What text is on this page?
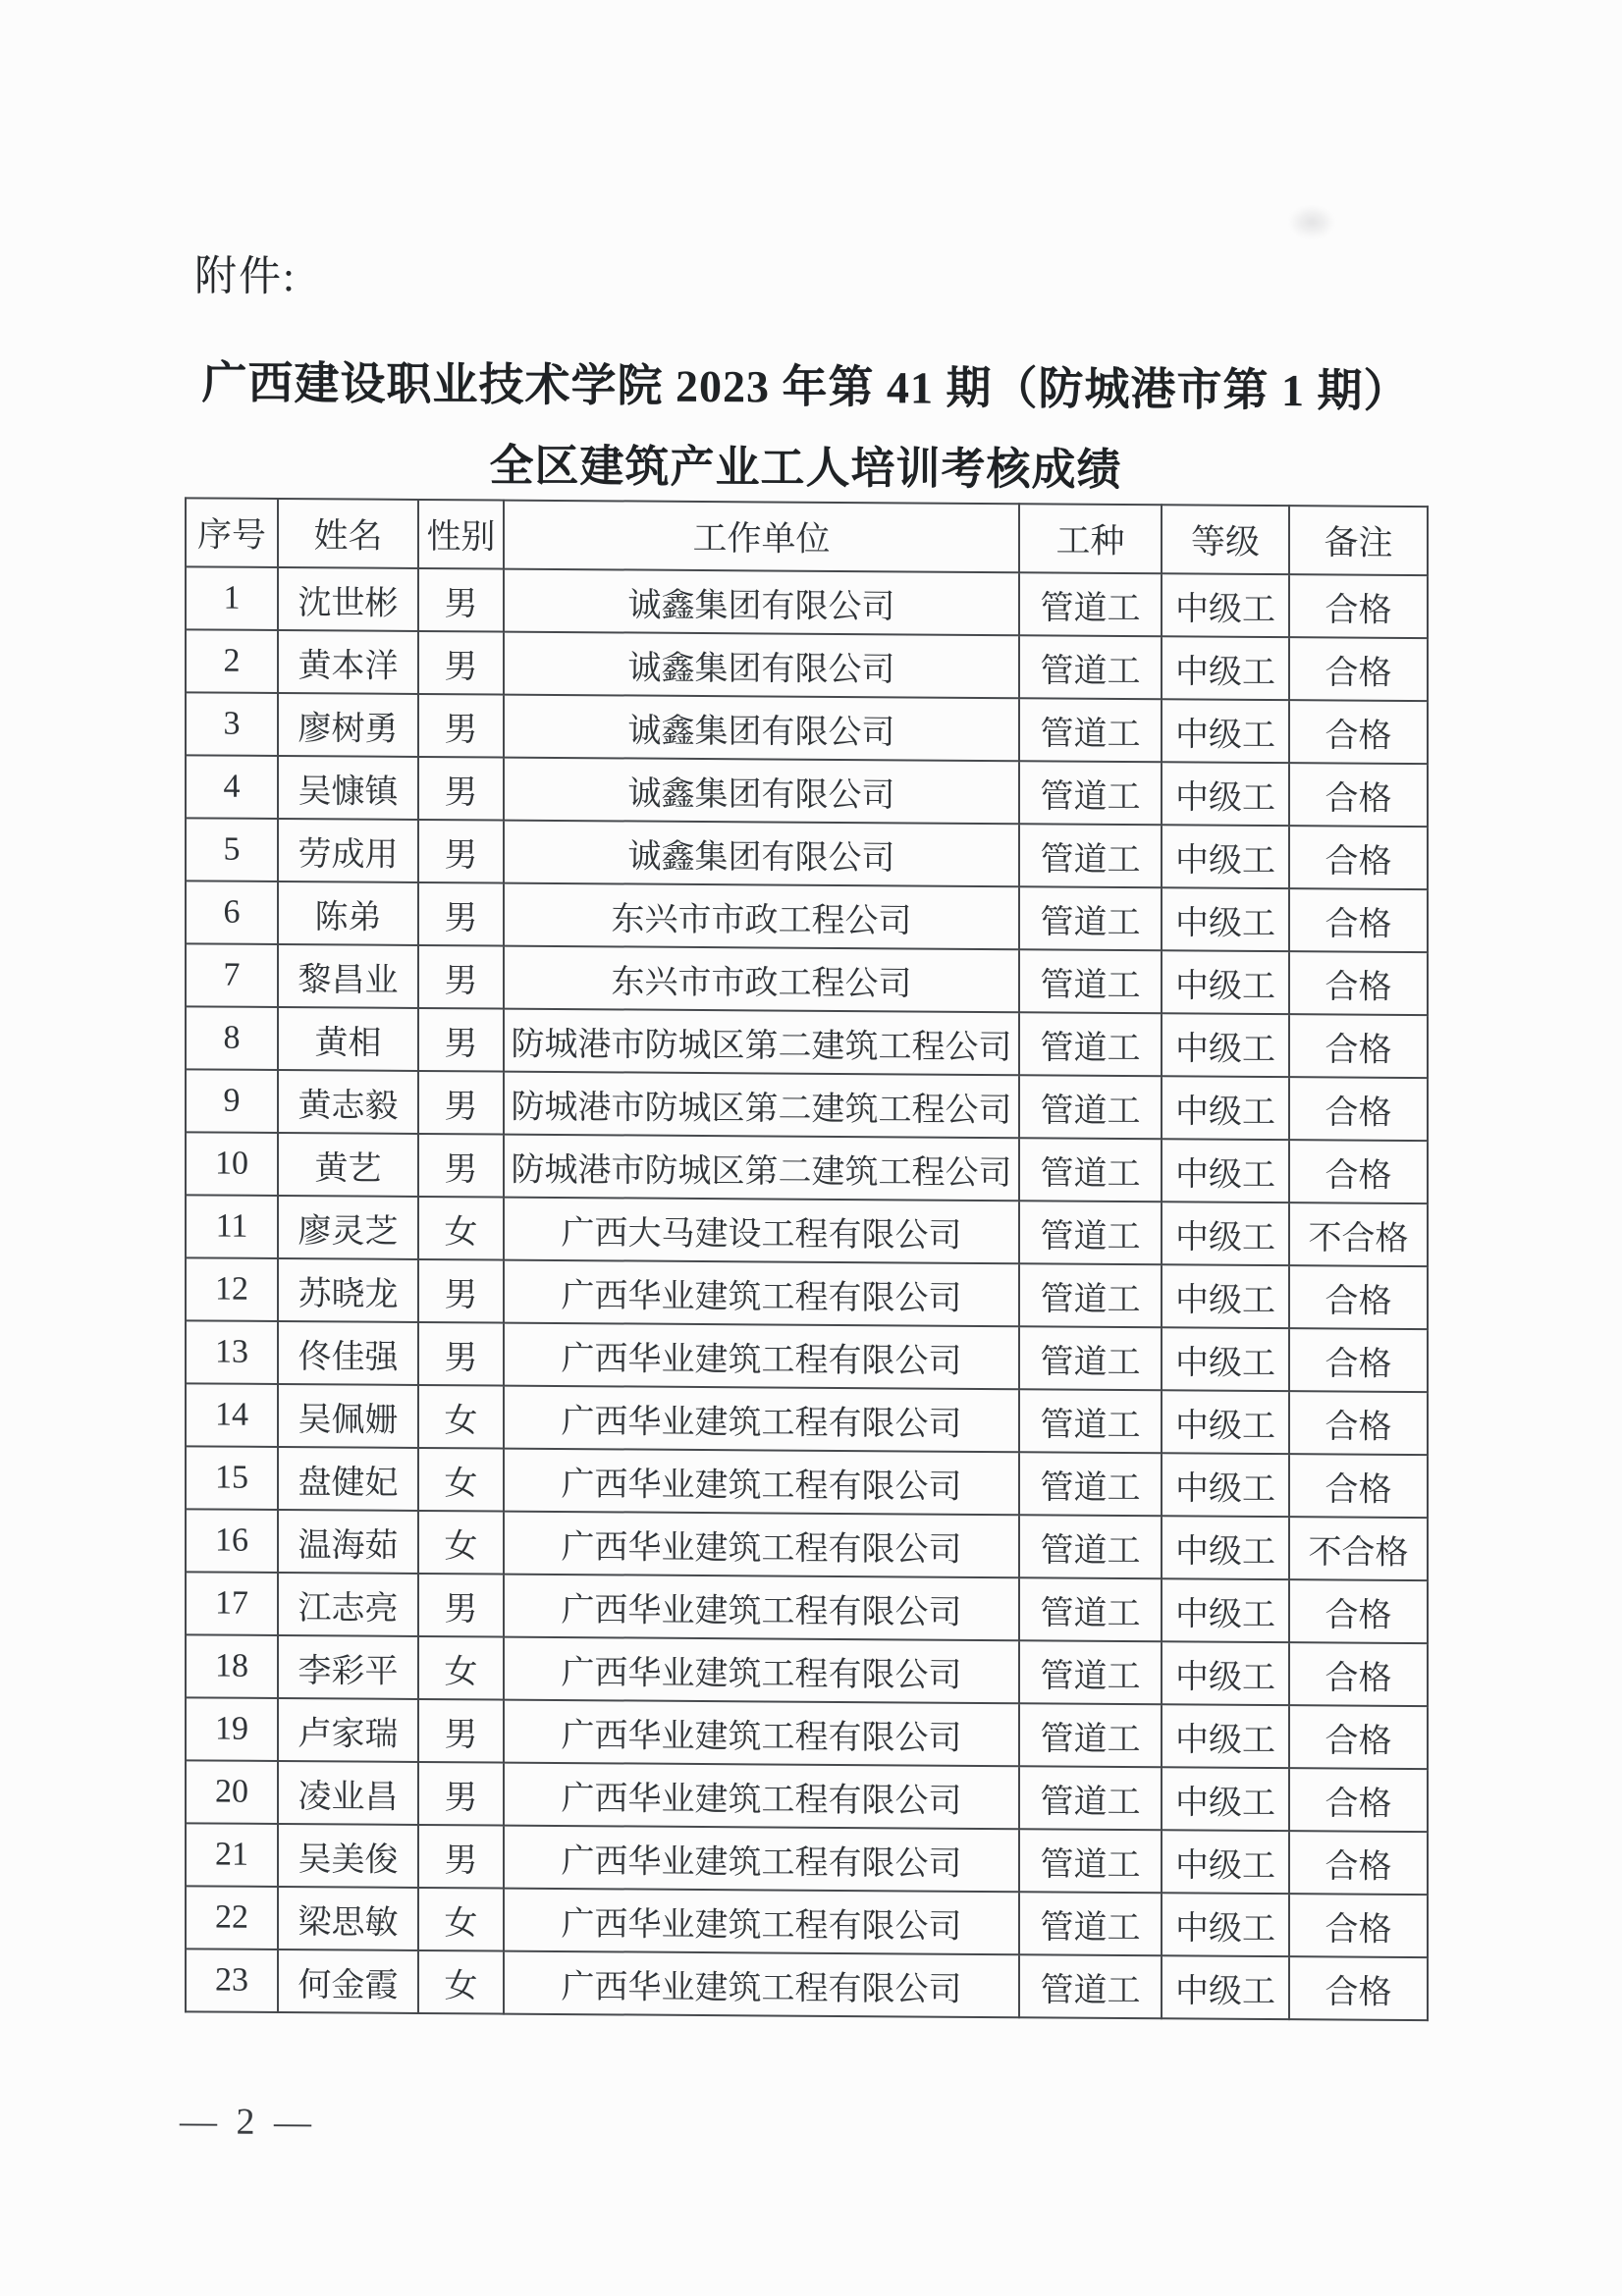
附件:
广西建设职业技术学院 2023 年第 41 期（防城港市第 1 期）
全区建筑产业工人培训考核成绩
序号	姓名	性别	工作单位	工种	等级	备注
1	沈世彬	男	诚鑫集团有限公司	管道工	中级工	合格
2	黄本洋	男	诚鑫集团有限公司	管道工	中级工	合格
3	廖树勇	男	诚鑫集团有限公司	管道工	中级工	合格
4	吴慷镇	男	诚鑫集团有限公司	管道工	中级工	合格
5	劳成用	男	诚鑫集团有限公司	管道工	中级工	合格
6	陈弟	男	东兴市市政工程公司	管道工	中级工	合格
7	黎昌业	男	东兴市市政工程公司	管道工	中级工	合格
8	黄相	男	防城港市防城区第二建筑工程公司	管道工	中级工	合格
9	黄志毅	男	防城港市防城区第二建筑工程公司	管道工	中级工	合格
10	黄艺	男	防城港市防城区第二建筑工程公司	管道工	中级工	合格
11	廖灵芝	女	广西大马建设工程有限公司	管道工	中级工	不合格
12	苏晓龙	男	广西华业建筑工程有限公司	管道工	中级工	合格
13	佟佳强	男	广西华业建筑工程有限公司	管道工	中级工	合格
14	吴佩姗	女	广西华业建筑工程有限公司	管道工	中级工	合格
15	盘健妃	女	广西华业建筑工程有限公司	管道工	中级工	合格
16	温海茹	女	广西华业建筑工程有限公司	管道工	中级工	不合格
17	江志亮	男	广西华业建筑工程有限公司	管道工	中级工	合格
18	李彩平	女	广西华业建筑工程有限公司	管道工	中级工	合格
19	卢家瑞	男	广西华业建筑工程有限公司	管道工	中级工	合格
20	凌业昌	男	广西华业建筑工程有限公司	管道工	中级工	合格
21	吴美俊	男	广西华业建筑工程有限公司	管道工	中级工	合格
22	梁思敏	女	广西华业建筑工程有限公司	管道工	中级工	合格
23	何金霞	女	广西华业建筑工程有限公司	管道工	中级工	合格
— 2 —
